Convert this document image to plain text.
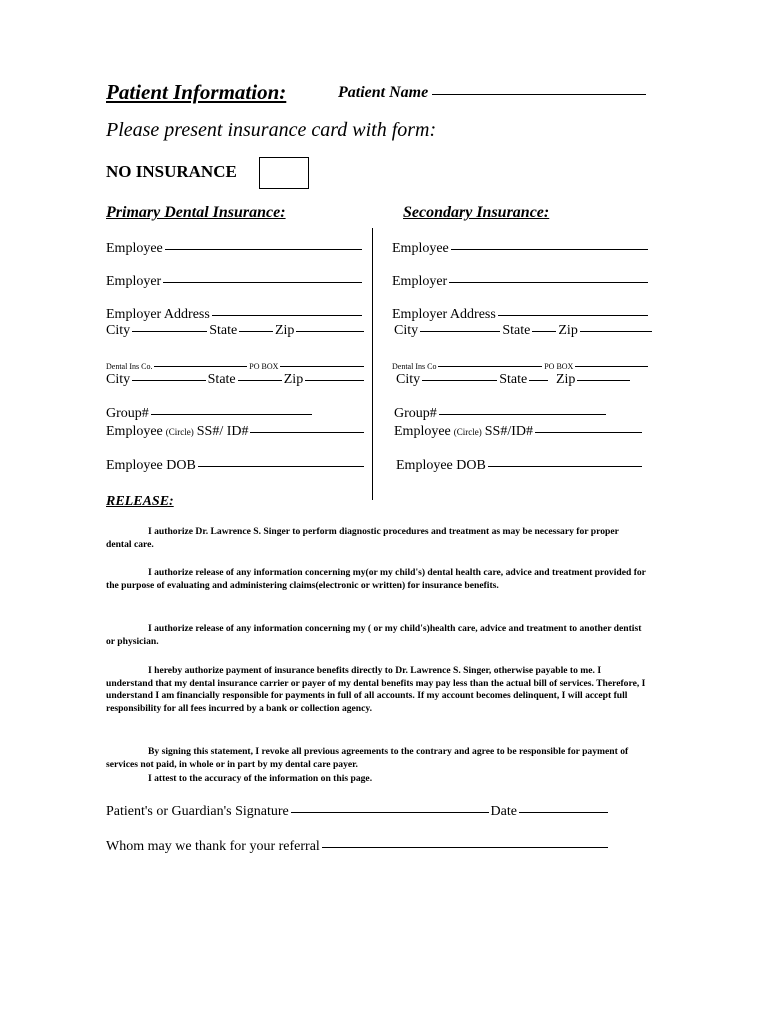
Patient Information:	Patient Name
Please present insurance card with form:
NO INSURANCE
Primary Dental Insurance:	Secondary Insurance:
Employee
Employer
Employer Address
City	State	Zip
Dental Ins Co.	PO BOX
City	State	Zip
Group#
Employee (Circle) SS#/ ID#
Employee DOB
Employee
Employer
Employer Address
City	State Zip
Dental Ins Co	PO BOX
City	State Zip
Group#
Employee (Circle) SS#/ID#
Employee DOB
RELEASE:
I authorize Dr. Lawrence S. Singer to perform diagnostic procedures and treatment as may be necessary for proper dental care.
I authorize release of any information concerning my(or my child's) dental health care, advice and treatment provided for the purpose of evaluating and administering claims(electronic or written) for insurance benefits.
I authorize release of any information concerning my ( or my child's)health care, advice and treatment to another dentist or physician.
I hereby authorize payment of insurance benefits directly to Dr. Lawrence S. Singer, otherwise payable to me. I understand that my dental insurance carrier or payer of my dental benefits may pay less than the actual bill of services. Therefore, I understand I am financially responsible for payments in full of all accounts. If my account becomes delinquent, I will accept full responsibility for all fees incurred by a bank or collection agency.
By signing this statement, I revoke all previous agreements to the contrary and agree to be responsible for payment of services not paid, in whole or in part by my dental care payer.
I attest to the accuracy of the information on this page.
Patient's or Guardian's Signature	Date
Whom may we thank for your referral
